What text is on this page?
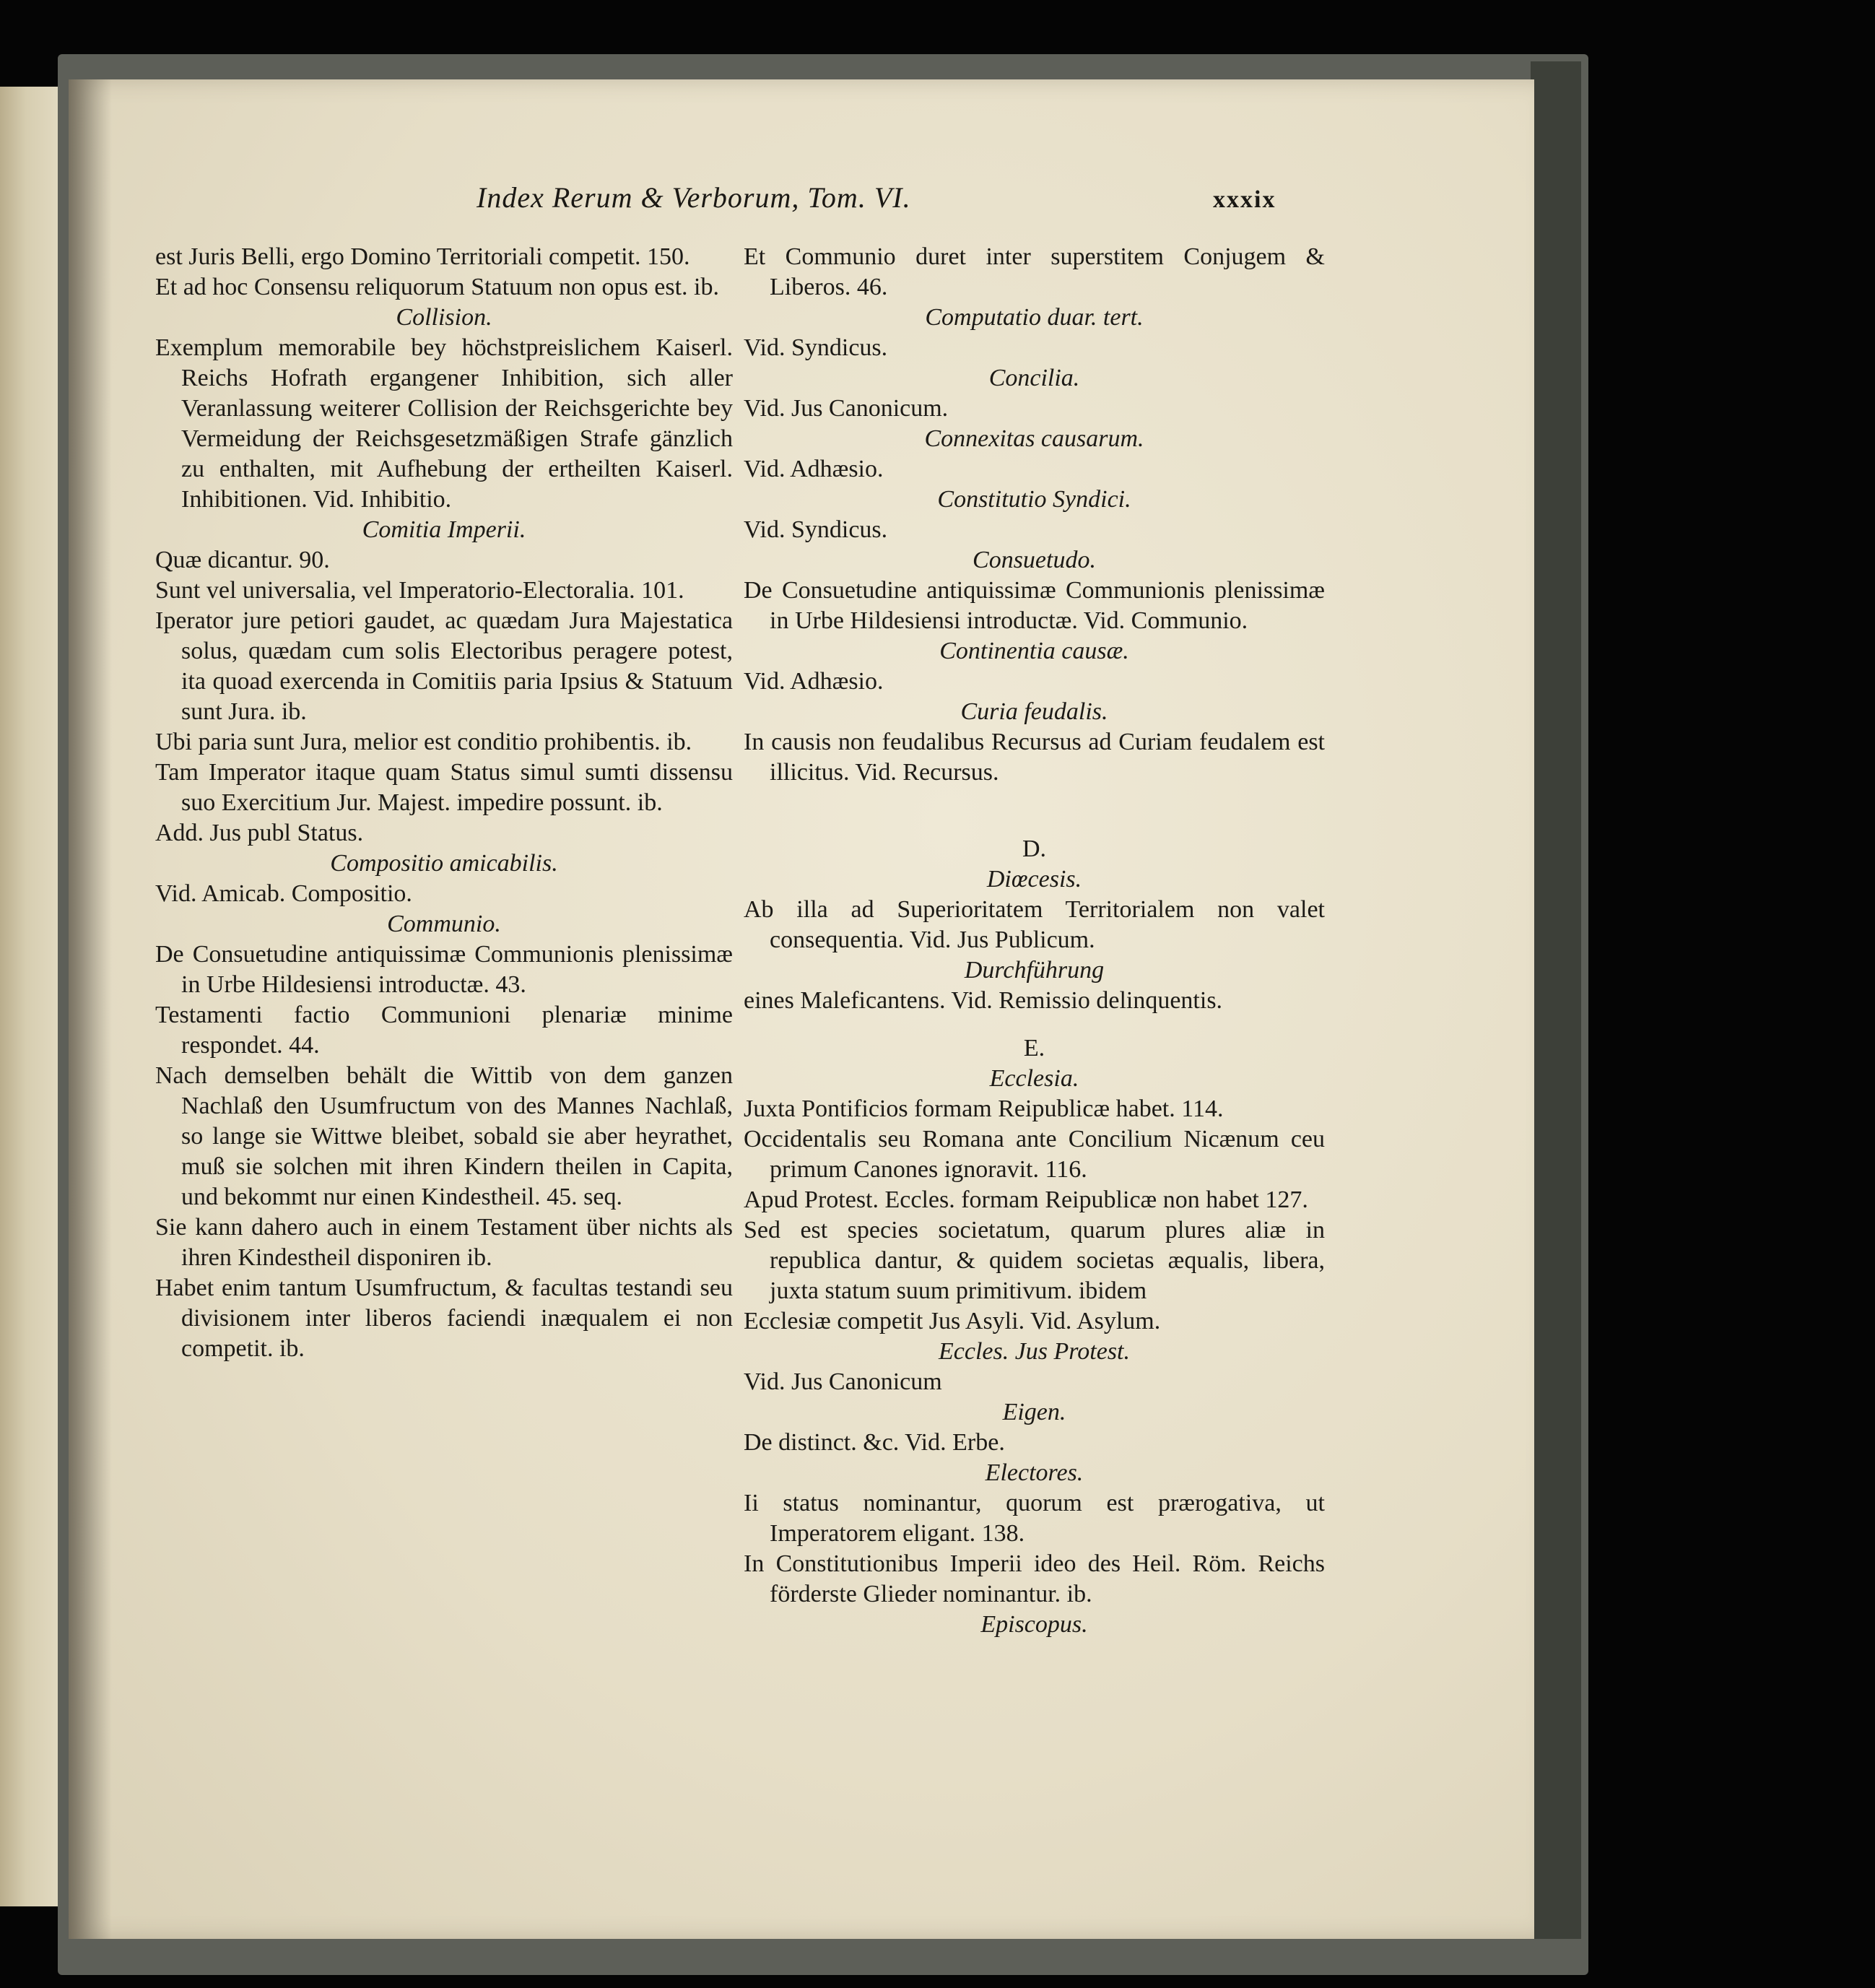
Index Rerum & Verborum, Tom. VI.	xxxix

est Juris Belli, ergo Domino Territoriali competit. 150.

Et ad hoc Consensu reliquorum Statuum non opus est. ib.

Collision.

Exemplum memorabile bey höchstpreislichem Kaiserl. Reichs Hofrath ergangener Inhibition, sich aller Veranlassung weiterer Collision der Reichsgerichte bey Vermeidung der Reichsgesetzmäßigen Strafe gänzlich zu enthalten, mit Aufhebung der ertheilten Kaiserl. Inhibitionen. Vid. Inhibitio.

Comitia Imperii.

Quæ dicantur. 90.

Sunt vel universalia, vel Imperatorio-Electoralia. 101.

Iperator jure petiori gaudet, ac quædam Jura Majestatica solus, quædam cum solis Electoribus peragere potest, ita quoad exercenda in Comitiis paria Ipsius & Statuum sunt Jura. ib.

Ubi paria sunt Jura, melior est conditio prohibentis. ib.

Tam Imperator itaque quam Status simul sumti dissensu suo Exercitium Jur. Majest. impedire possunt. ib.

Add. Jus publ Status.

Compositio amicabilis.

Vid. Amicab. Compositio.

Communio.

De Consuetudine antiquissimæ Communionis plenissimæ in Urbe Hildesiensi introductæ. 43.

Testamenti factio Communioni plenariæ minime respondet. 44.

Nach demselben behält die Wittib von dem ganzen Nachlaß den Usumfructum von des Mannes Nachlaß, so lange sie Wittwe bleibet, sobald sie aber heyrathet, muß sie solchen mit ihren Kindern theilen in Capita, und bekommt nur einen Kindestheil. 45. seq.

Sie kann dahero auch in einem Testament über nichts als ihren Kindestheil disponiren ib.

Habet enim tantum Usumfructum, & facultas testandi seu divisionem inter liberos faciendi inæqualem ei non competit. ib.

Et Communio duret inter superstitem Conjugem & Liberos. 46.

Computatio duar. tert.

Vid. Syndicus.

Concilia.

Vid. Jus Canonicum.

Connexitas causarum.

Vid. Adhæsio.

Constitutio Syndici.

Vid. Syndicus.

Consuetudo.

De Consuetudine antiquissimæ Communionis plenissimæ in Urbe Hildesiensi introductæ. Vid. Communio.

Continentia causæ.

Vid. Adhæsio.

Curia feudalis.

In causis non feudalibus Recursus ad Curiam feudalem est illicitus. Vid. Recursus.

D.

Diœcesis.

Ab illa ad Superioritatem Territorialem non valet consequentia. Vid. Jus Publicum.

Durchführung

eines Maleficantens. Vid. Remissio delinquentis.

E.

Ecclesia.

Juxta Pontificios formam Reipublicæ habet. 114.

Occidentalis seu Romana ante Concilium Nicænum ceu primum Canones ignoravit. 116.

Apud Protest. Eccles. formam Reipublicæ non habet 127.

Sed est species societatum, quarum plures aliæ in republica dantur, & quidem societas æqualis, libera, juxta statum suum primitivum. ibidem

Ecclesiæ competit Jus Asyli. Vid. Asylum.

Eccles. Jus Protest.

Vid. Jus Canonicum

Eigen.

De distinct. &c. Vid. Erbe.

Electores.

Ii status nominantur, quorum est prærogativa, ut Imperatorem eligant. 138.

In Constitutionibus Imperii ideo des Heil. Röm. Reichs förderste Glieder nominantur. ib.

Episcopus.
